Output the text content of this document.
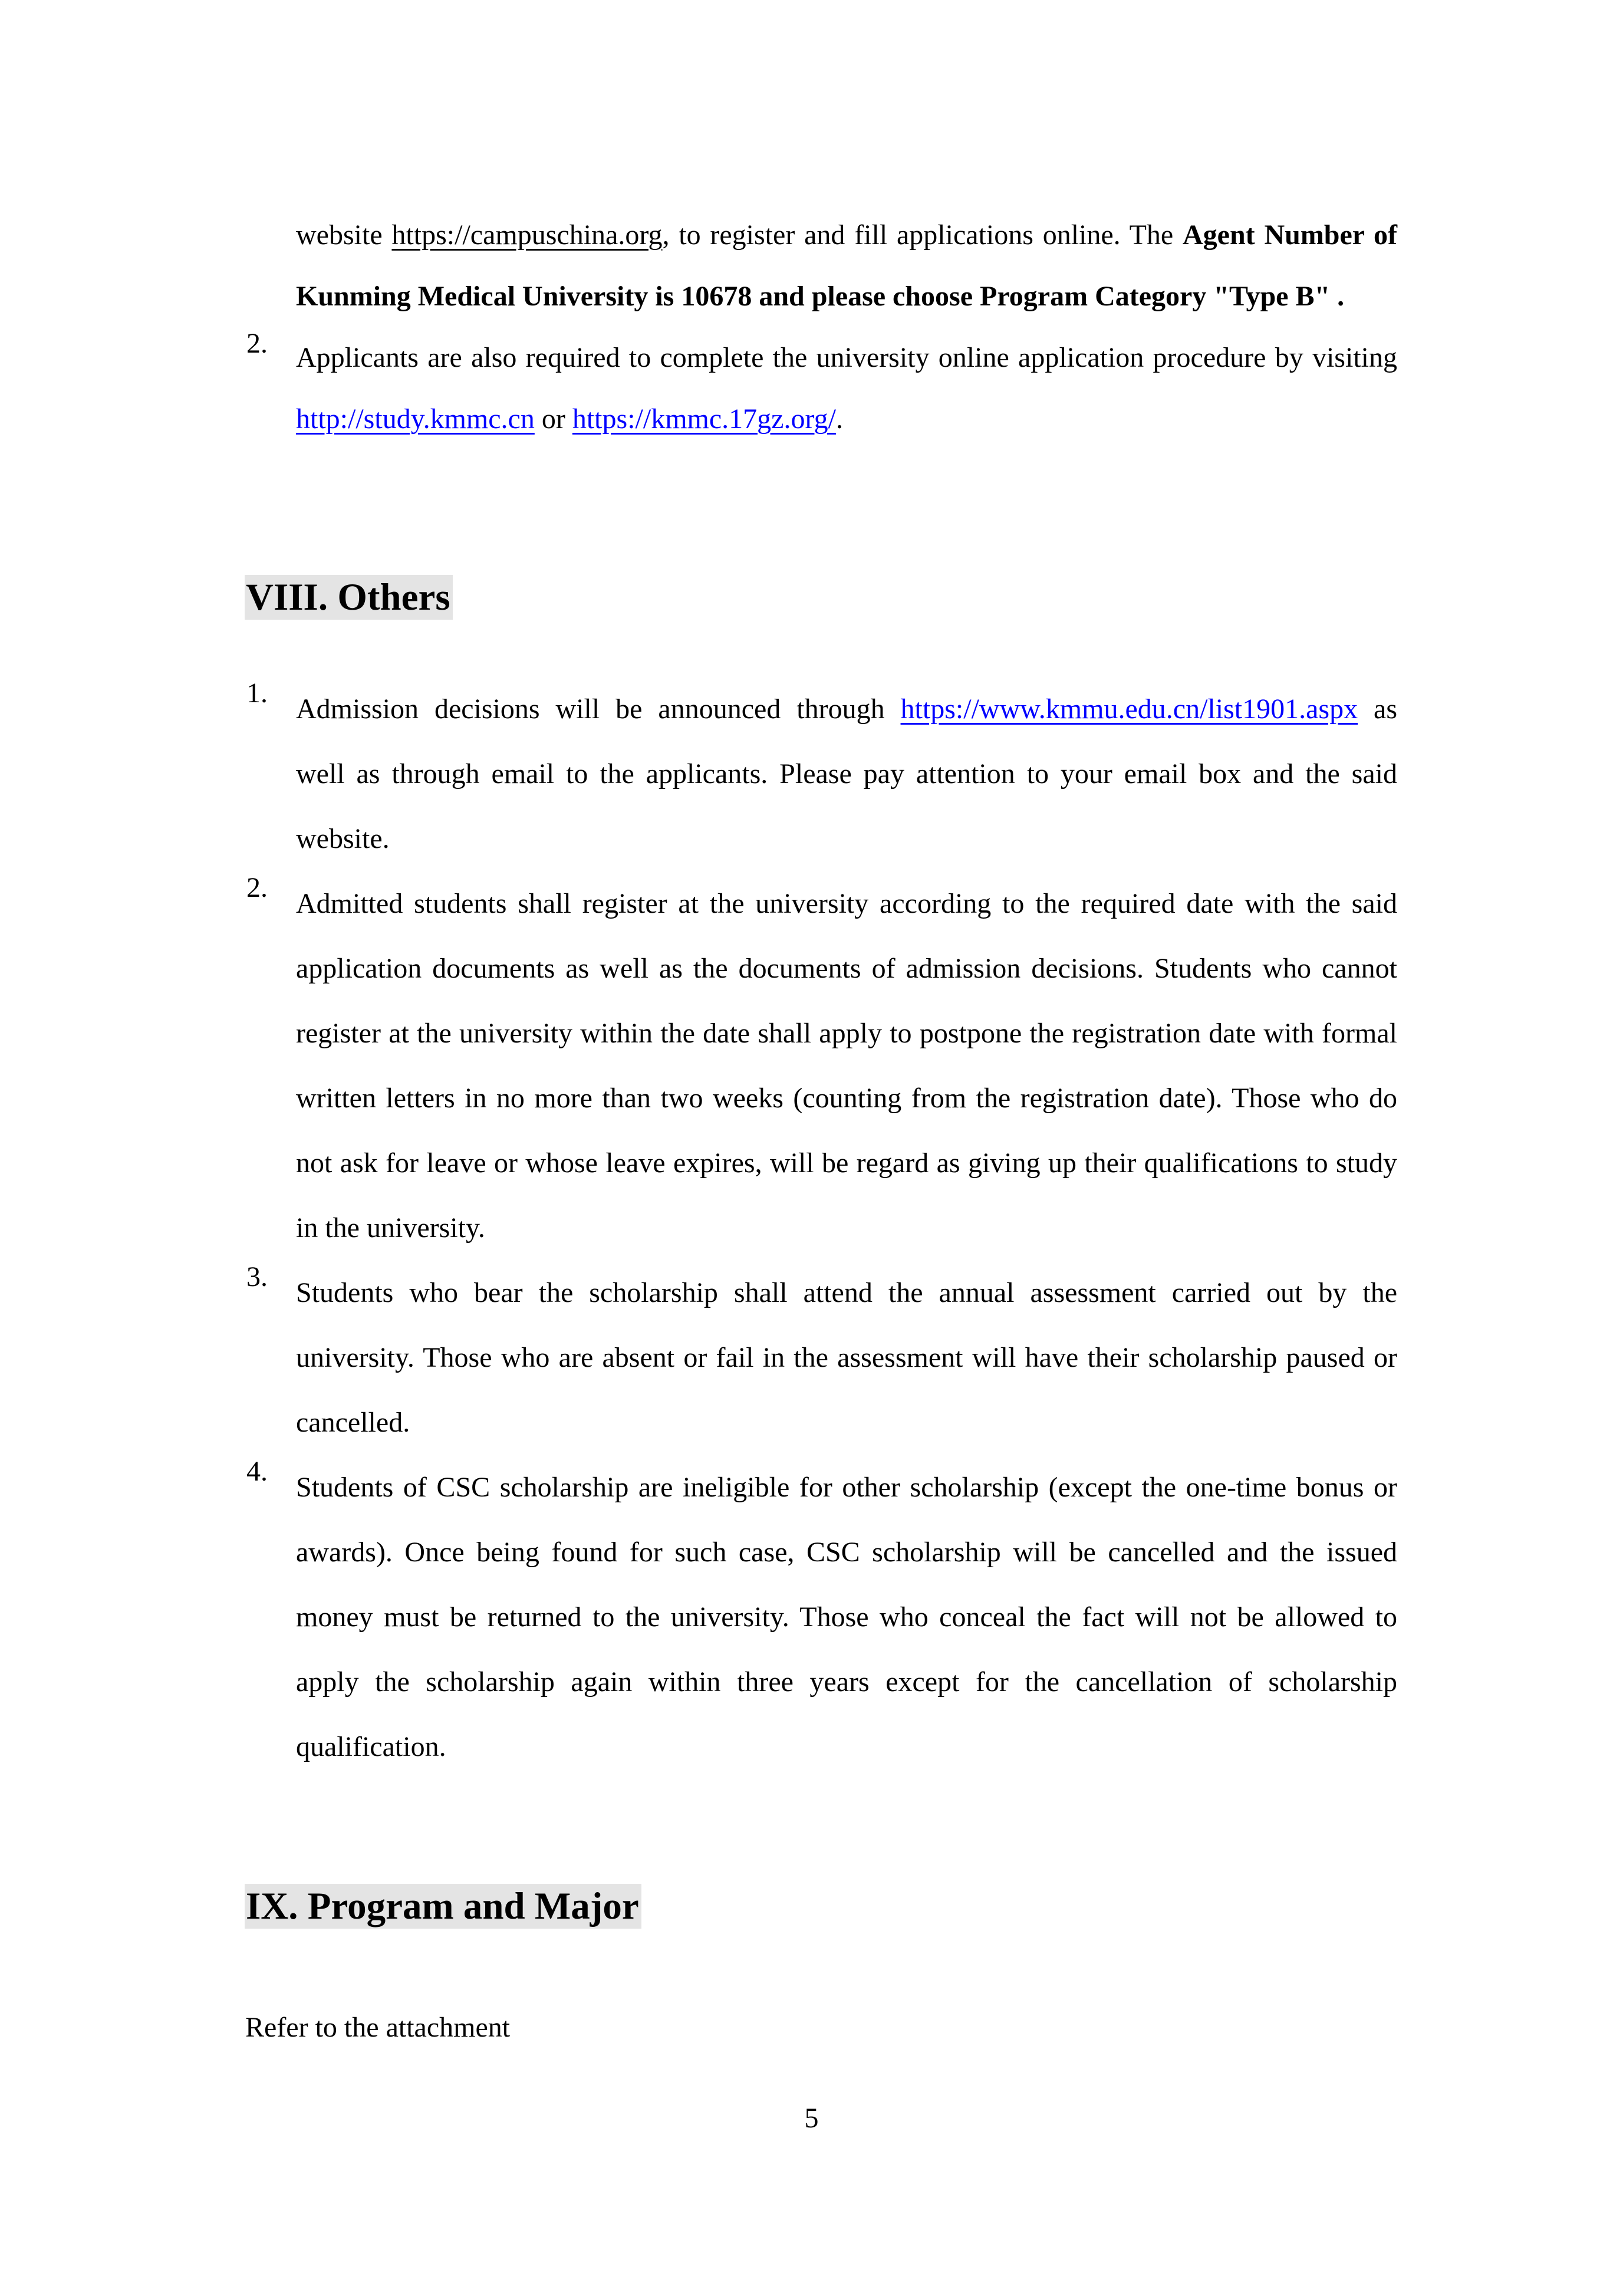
website https://campuschina.org, to register and fill applications online. The Agent Number of
Kunming Medical University is 10678 and please choose Program Category "Type B" .
2. Applicants are also required to complete the university online application procedure by visiting
http://study.kmmc.cn or https://kmmc.17gz.org/.
VIII. Others
1.
Admission decisions will be announced through https://www.kmmu.edu.cn/list1901.aspx as
well as through email to the applicants. Please pay attention to your email box and the said
website.
2.
Admitted students shall register at the university according to the required date with the said
application documents as well as the documents of admission decisions. Students who cannot
register at the university within the date shall apply to postpone the registration date with formal
written letters in no more than two weeks (counting from the registration date). Those who do
not ask for leave or whose leave expires, will be regard as giving up their qualifications to study
in the university.
3.
Students who bear the scholarship shall attend the annual assessment carried out by the
university. Those who are absent or fail in the assessment will have their scholarship paused or
cancelled.
4.
Students of CSC scholarship are ineligible for other scholarship (except the one-time bonus or
awards). Once being found for such case, CSC scholarship will be cancelled and the issued
money must be returned to the university. Those who conceal the fact will not be allowed to
apply the scholarship again within three years except for the cancellation of scholarship
qualification.
IX. Program and Major
Refer to the attachment
5
